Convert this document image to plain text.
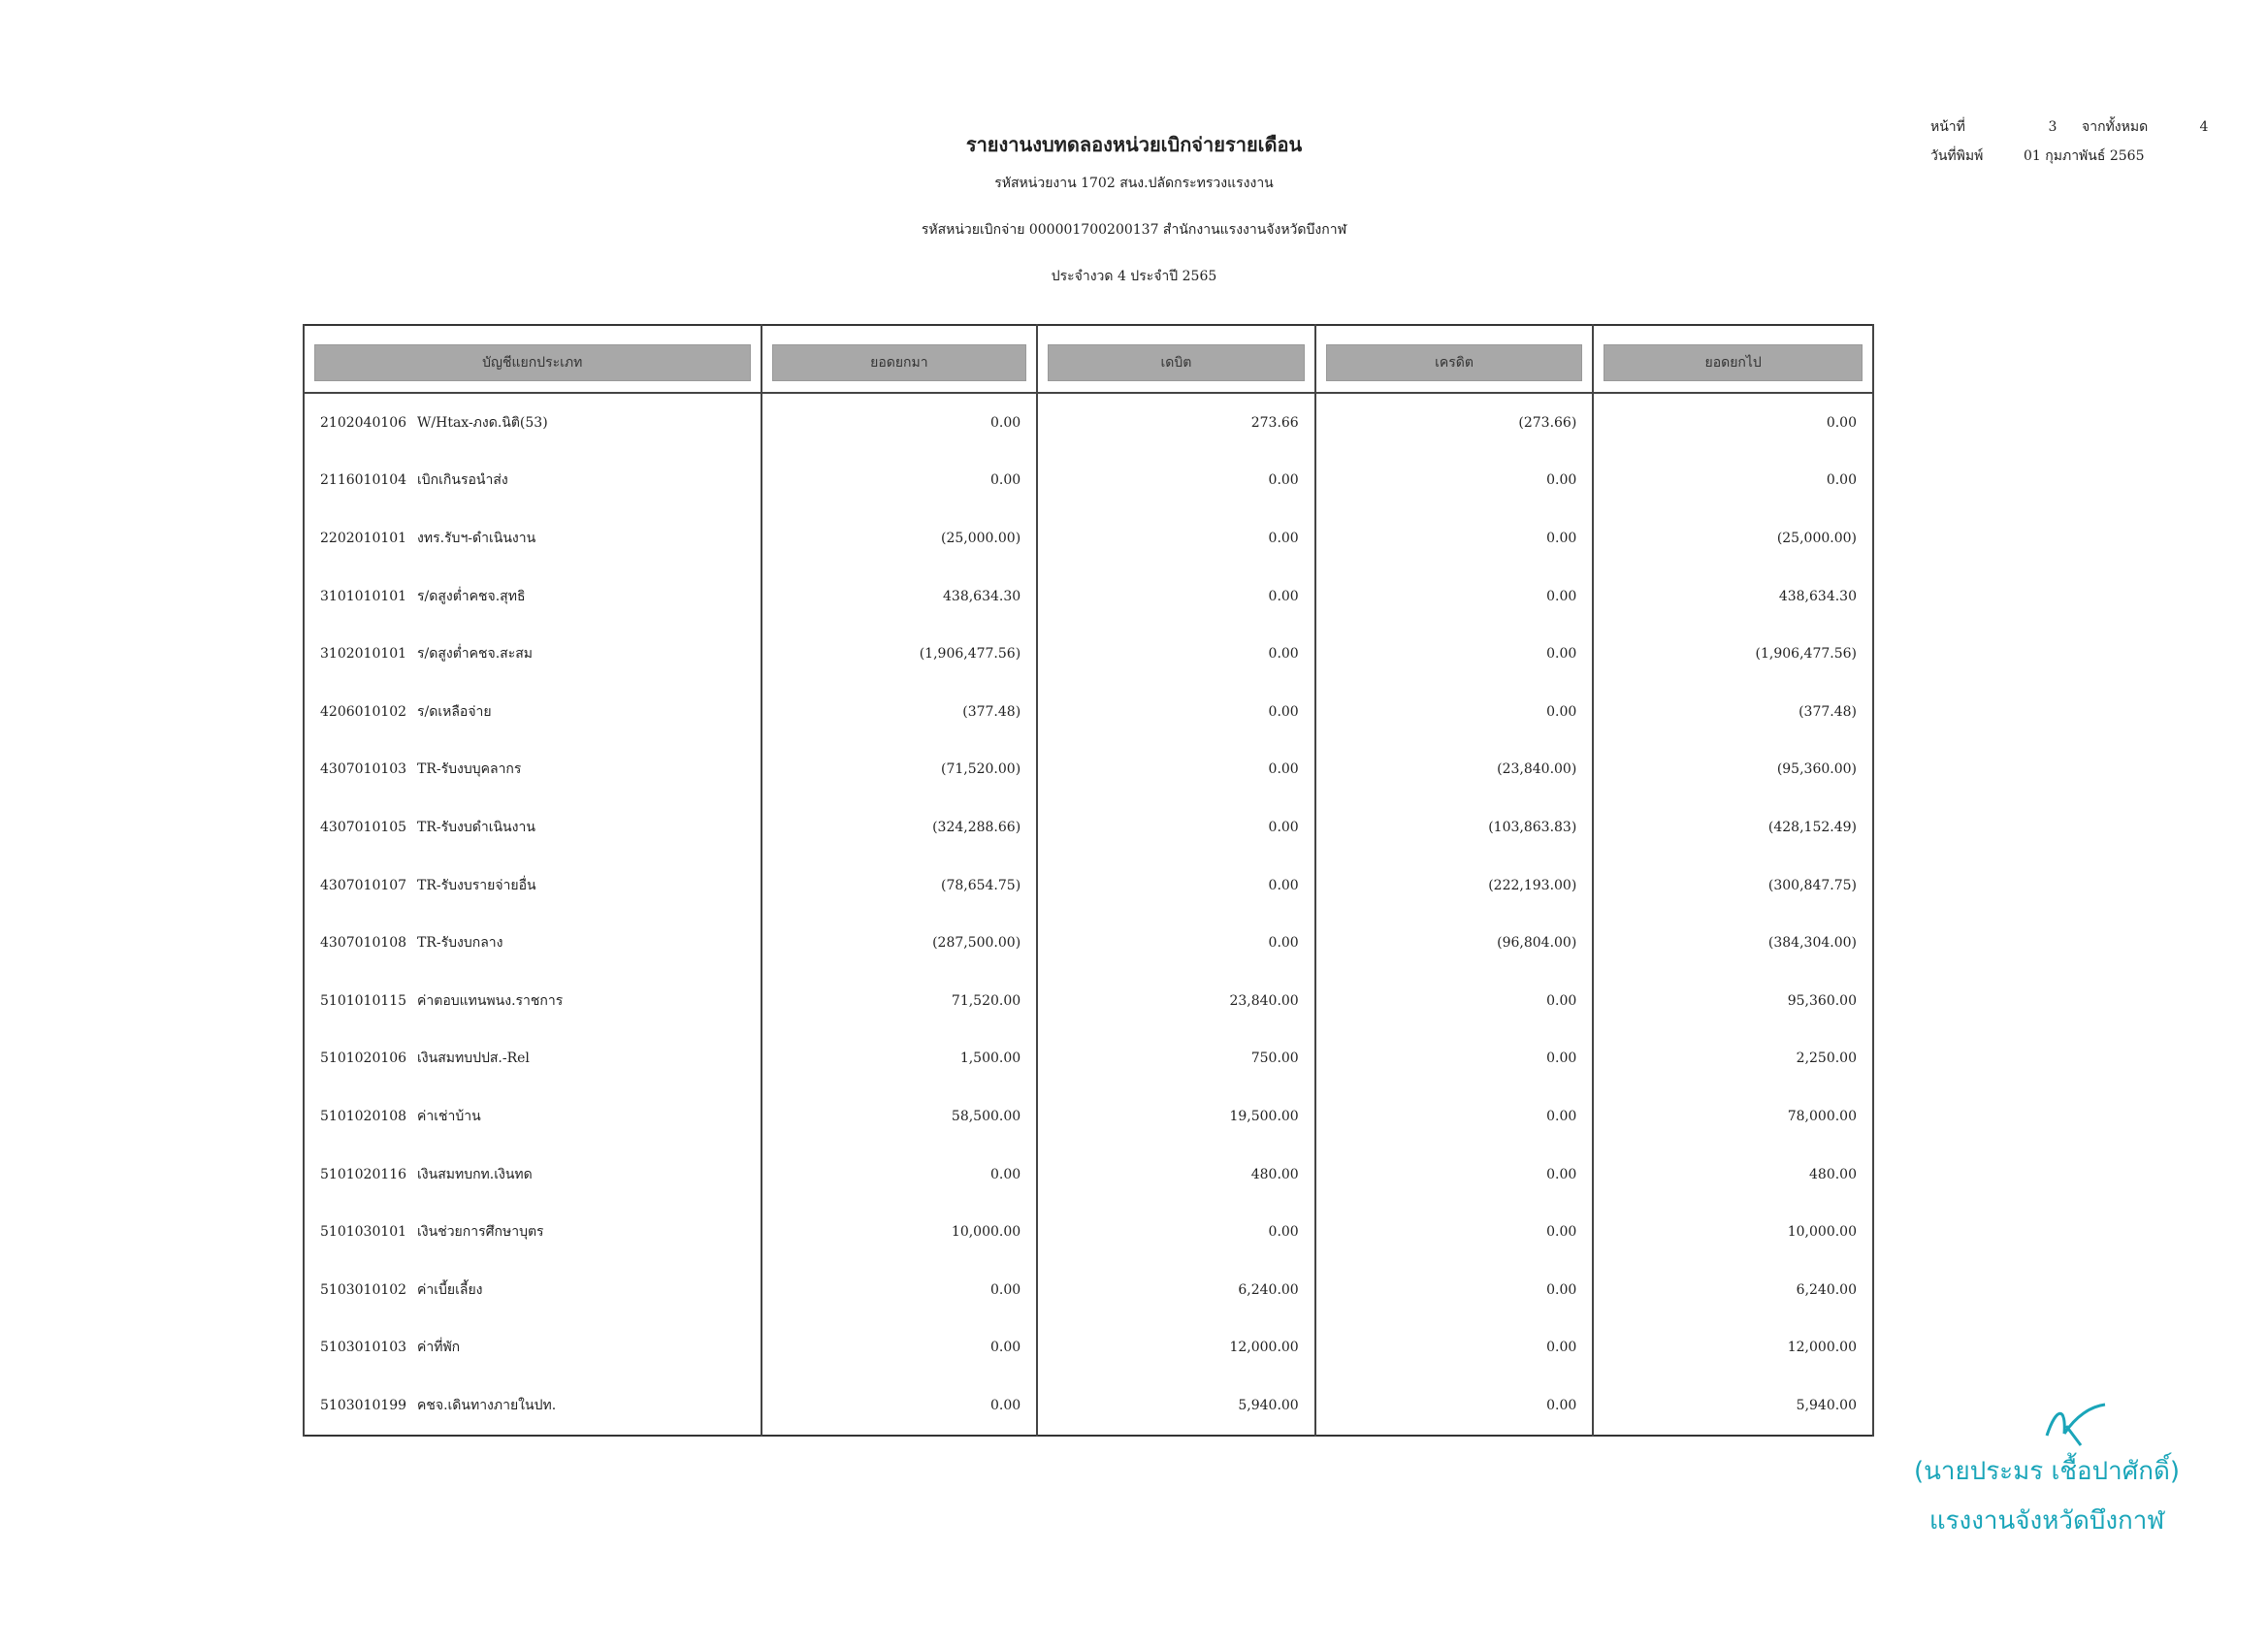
รายงานงบทดลองหน่วยเบิกจ่ายรายเดือน
รหัสหน่วยงาน 1702 สนง.ปลัดกระทรวงแรงงาน
รหัสหน่วยเบิกจ่าย 000001700200137 สำนักงานแรงงานจังหวัดบึงกาฬ
ประจำงวด 4 ประจำปี 2565
หน้าที่	3 จากทั้งหมด	4
วันที่พิมพ์	01 กุมภาพันธ์ 2565
บัญชีแยกประเภท	ยอดยกมา	เดบิต	เครดิต	ยอดยกไป

2102040106 W/Htax-ภงด.นิติ(53)	0.00	273.66	(273.66)	0.00
2116010104 เบิกเกินรอนำส่ง	0.00	0.00	0.00	0.00
2202010101 งทร.รับฯ-ดำเนินงาน	(25,000.00)	0.00	0.00	(25,000.00)
3101010101 ร/ดสูงต่ำคชจ.สุทธิ	438,634.30	0.00	0.00	438,634.30
3102010101 ร/ดสูงต่ำคชจ.สะสม	(1,906,477.56)	0.00	0.00	(1,906,477.56)
4206010102 ร/ดเหลือจ่าย	(377.48)	0.00	0.00	(377.48)
4307010103 TR-รับงบบุคลากร	(71,520.00)	0.00	(23,840.00)	(95,360.00)
4307010105 TR-รับงบดำเนินงาน	(324,288.66)	0.00	(103,863.83)	(428,152.49)
4307010107 TR-รับงบรายจ่ายอื่น	(78,654.75)	0.00	(222,193.00)	(300,847.75)
4307010108 TR-รับงบกลาง	(287,500.00)	0.00	(96,804.00)	(384,304.00)
5101010115 ค่าตอบแทนพนง.ราชการ	71,520.00	23,840.00	0.00	95,360.00
5101020106 เงินสมทบปปส.-Rel	1,500.00	750.00	0.00	2,250.00
5101020108 ค่าเช่าบ้าน	58,500.00	19,500.00	0.00	78,000.00
5101020116 เงินสมทบกท.เงินทด	0.00	480.00	0.00	480.00
5101030101 เงินช่วยการศึกษาบุตร	10,000.00	0.00	0.00	10,000.00
5103010102 ค่าเบี้ยเลี้ยง	0.00	6,240.00	0.00	6,240.00
5103010103 ค่าที่พัก	0.00	12,000.00	0.00	12,000.00
5103010199 คชจ.เดินทางภายในปท.	0.00	5,940.00	0.00	5,940.00
(นายประมร เชื้อปาศักดิ์)
แรงงานจังหวัดบึงกาฬ
